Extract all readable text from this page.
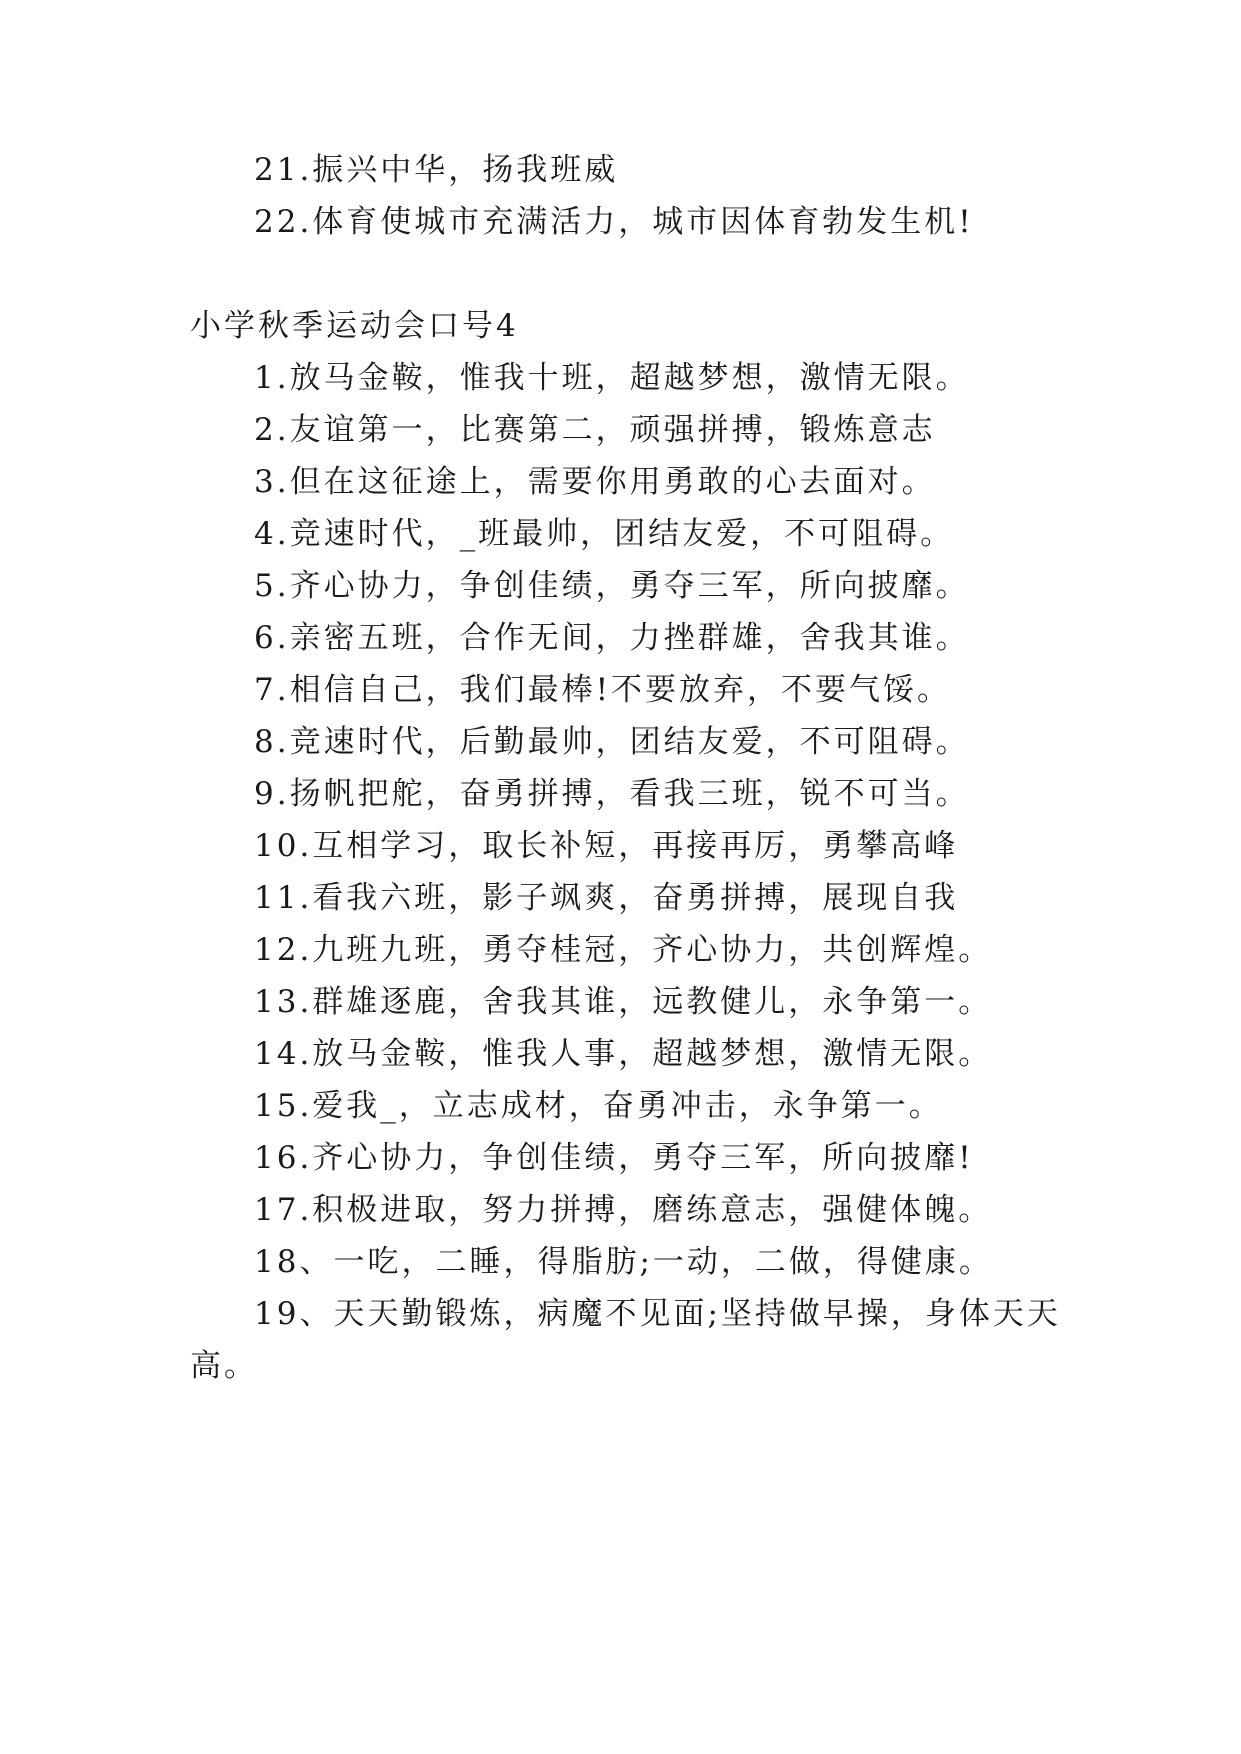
21.振兴中华，扬我班威
22.体育使城市充满活力，城市因体育勃发生机!
小学秋季运动会口号4
1.放马金鞍，惟我十班，超越梦想，激情无限。
2.友谊第一，比赛第二，顽强拼搏，锻炼意志
3.但在这征途上，需要你用勇敢的心去面对。
4.竞速时代，_班最帅，团结友爱，不可阻碍。
5.齐心协力，争创佳绩，勇夺三军，所向披靡。
6.亲密五班，合作无间，力挫群雄，舍我其谁。
7.相信自己，我们最棒!不要放弃，不要气馁。
8.竞速时代，后勤最帅，团结友爱，不可阻碍。
9.扬帆把舵，奋勇拼搏，看我三班，锐不可当。
10.互相学习，取长补短，再接再厉，勇攀高峰
11.看我六班，影子飒爽，奋勇拼搏，展现自我
12.九班九班，勇夺桂冠，齐心协力，共创辉煌。
13.群雄逐鹿，舍我其谁，远教健儿，永争第一。
14.放马金鞍，惟我人事，超越梦想，激情无限。
15.爱我_，立志成材，奋勇冲击，永争第一。
16.齐心协力，争创佳绩，勇夺三军，所向披靡!
17.积极进取，努力拼搏，磨练意志，强健体魄。
18、一吃，二睡，得脂肪;一动，二做，得健康。
19、天天勤锻炼，病魔不见面;坚持做早操，身体天天
高。
